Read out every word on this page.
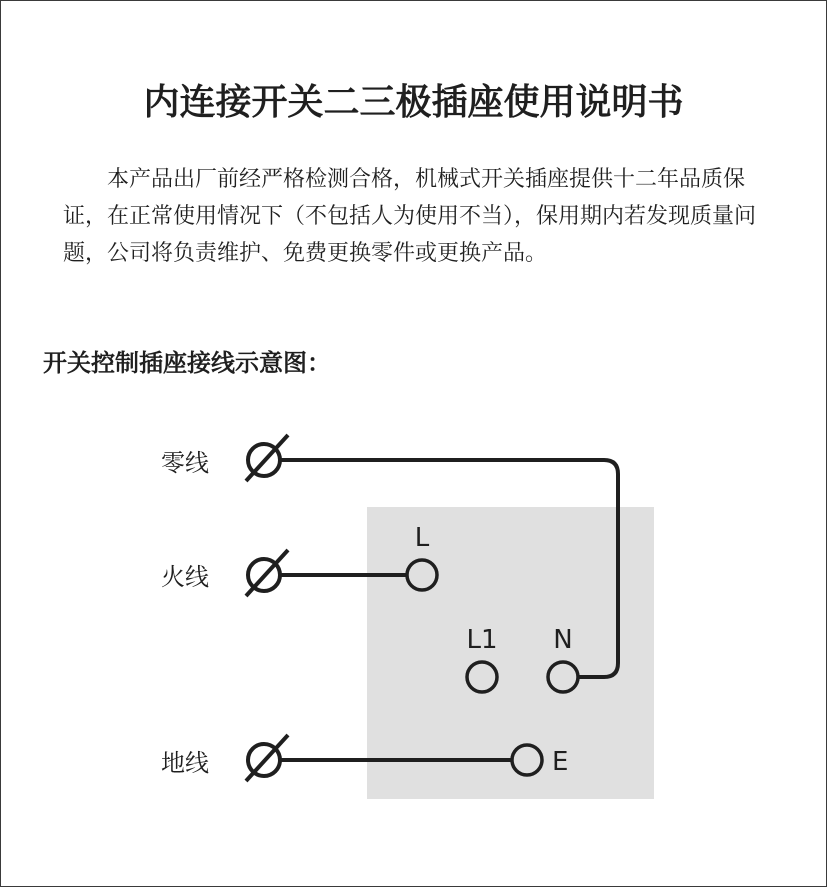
内连接开关二三极插座使用说明书

本产品出厂前经严格检测合格，机械式开关插座提供十二年品质保证，在正常使用情况下（不包括人为使用不当），保用期内若发现质量问题，公司将负责维护、免费更换零件或更换产品。

开关控制插座接线示意图：
零线
火线
地线
L
L1 N
E
